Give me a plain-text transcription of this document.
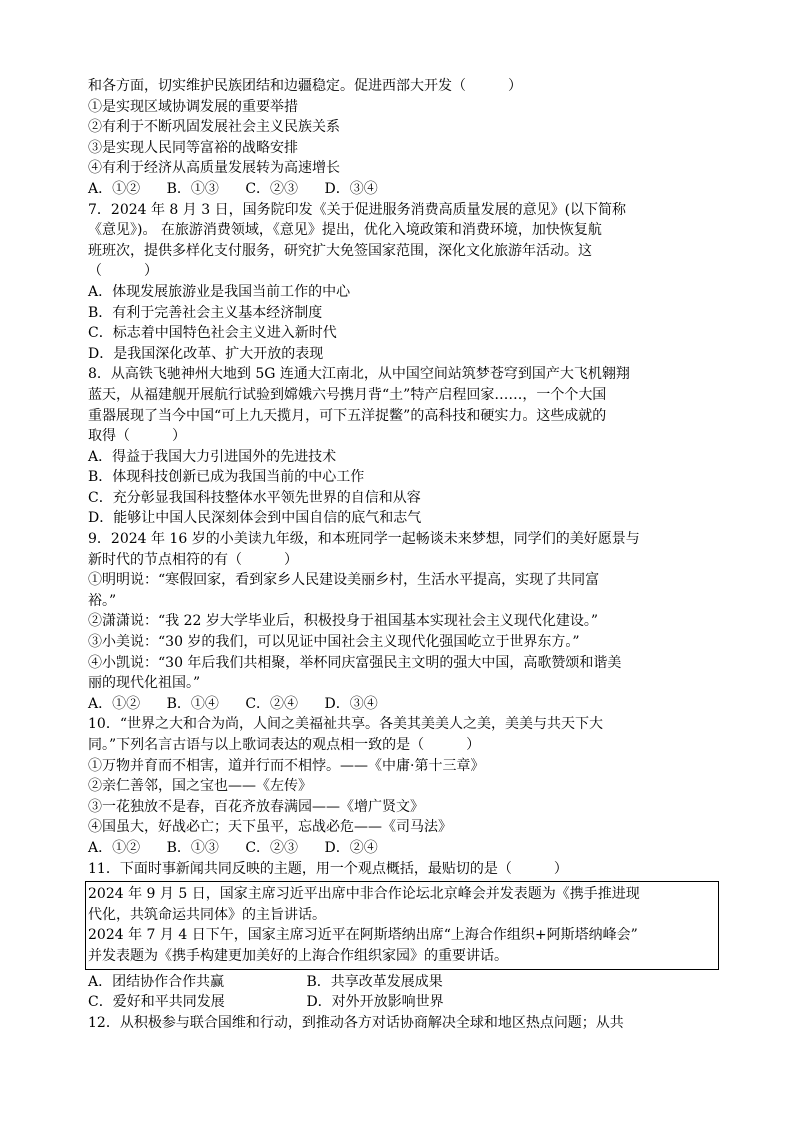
和各方面，切实维护民族团结和边疆稳定。促进西部大开发（　　　）
①是实现区域协调发展的重要举措
②有利于不断巩固发展社会主义民族关系
③是实现人民同等富裕的战略安排
④有利于经济从高质量发展转为高速增长
A．①② B．①③ C．②③ D．③④
7．2024 年 8 月 3 日，国务院印发《关于促进服务消费高质量发展的意见》(以下简称
《意见》)。 在旅游消费领域，《意见》提出，优化入境政策和消费环境，加快恢复航
班班次，提供多样化支付服务，研究扩大免签国家范围，深化文化旅游年活动。这
（　　　）
A．体现发展旅游业是我国当前工作的中心
B．有利于完善社会主义基本经济制度
C．标志着中国特色社会主义进入新时代
D．是我国深化改革、扩大开放的表现
8．从高铁飞驰神州大地到 5G 连通大江南北，从中国空间站筑梦苍穹到国产大飞机翱翔
蓝天，从福建舰开展航行试验到嫦娥六号携月背“土”特产启程回家……，一个个大国
重器展现了当今中国“可上九天揽月，可下五洋捉鳖”的高科技和硬实力。这些成就的
取得（　　　）
A．得益于我国大力引进国外的先进技术
B．体现科技创新已成为我国当前的中心工作
C．充分彰显我国科技整体水平领先世界的自信和从容
D．能够让中国人民深刻体会到中国自信的底气和志气
9．2024 年 16 岁的小美读九年级，和本班同学一起畅谈未来梦想，同学们的美好愿景与
新时代的节点相符的有（　　　）
①明明说：“寒假回家，看到家乡人民建设美丽乡村，生活水平提高，实现了共同富
裕。”
②潇潇说：“我 22 岁大学毕业后，积极投身于祖国基本实现社会主义现代化建设。”
③小美说：“30 岁的我们，可以见证中国社会主义现代化强国屹立于世界东方。”
④小凯说：“30 年后我们共相聚，举杯同庆富强民主文明的强大中国，高歌赞颂和谐美
丽的现代化祖国。”
A．①② B．①④ C．②④ D．③④
10．“世界之大和合为尚，人间之美福祉共享。各美其美美人之美，美美与共天下大
同。”下列名言古语与以上歌词表达的观点相一致的是（　　　）
①万物并育而不相害，道并行而不相悖。——《中庸·第十三章》
②亲仁善邻，国之宝也——《左传》
③一花独放不是春，百花齐放春满园——《增广贤文》
④国虽大，好战必亡；天下虽平，忘战必危——《司马法》
A．①② B．①③ C．②③ D．②④
11．下面时事新闻共同反映的主题，用一个观点概括，最贴切的是（　　　）
2024 年 9 月 5 日，国家主席习近平出席中非合作论坛北京峰会并发表题为《携手推进现
代化，共筑命运共同体》的主旨讲话。
2024 年 7 月 4 日下午，国家主席习近平在阿斯塔纳出席“上海合作组织+阿斯塔纳峰会”
并发表题为《携手构建更加美好的上海合作组织家园》的重要讲话。
A．团结协作合作共赢	B．共享改革发展成果
C．爱好和平共同发展	D．对外开放影响世界
12．从积极参与联合国维和行动，到推动各方对话协商解决全球和地区热点问题；从共
